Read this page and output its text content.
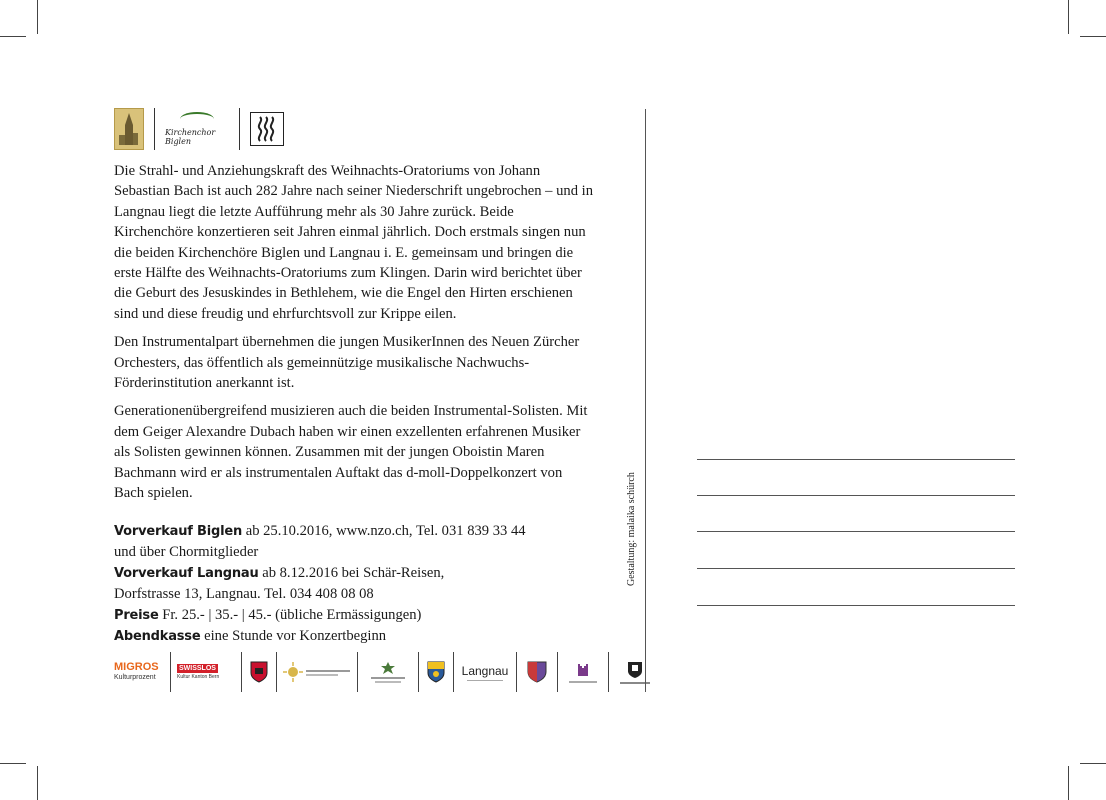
Kirchenchor Biglen

Die Strahl- und Anziehungskraft des Weihnachts-Oratoriums von Johann Sebastian Bach ist auch 282 Jahre nach seiner Niederschrift ungebrochen – und in Langnau liegt die letzte Aufführung mehr als 30 Jahre zurück. Beide Kirchenchöre konzertieren seit Jahren einmal jährlich. Doch erstmals singen nun die beiden Kirchenchöre Biglen und Langnau i. E. gemeinsam und bringen die erste Hälfte des Weihnachts-Oratoriums zum Klingen. Darin wird berichtet über die Geburt des Jesuskindes in Bethlehem, wie die Engel den Hirten erschienen sind und diese freudig und ehrfurchtsvoll zur Krippe eilen.

Den Instrumentalpart übernehmen die jungen MusikerInnen des Neuen Zürcher Orchesters, das öffentlich als gemeinnützige musikalische Nachwuchs-Förderinstitution anerkannt ist.

Generationenübergreifend musizieren auch die beiden Instrumental-Solisten. Mit dem Geiger Alexandre Dubach haben wir einen exzellenten erfahrenen Musiker als Solisten gewinnen können. Zusammen mit der jungen Oboistin Maren Bachmann wird er als instrumentalen Auftakt das d-moll-Doppelkonzert von Bach spielen.

Vorverkauf Biglen ab 25.10.2016, www.nzo.ch, Tel. 031 839 33 44
und über Chormitglieder
Vorverkauf Langnau ab 8.12.2016 bei Schär-Reisen,
Dorfstrasse 13, Langnau. Tel. 034 408 08 08
Preise Fr. 25.- | 35.- | 45.- (übliche Ermässigungen)
Abendkasse eine Stunde vor Konzertbeginn
MIGROS
Kulturprozent
SWISSLOS
Kultur Kanton Bern	Langnau
Gestaltung: malaika schürch
